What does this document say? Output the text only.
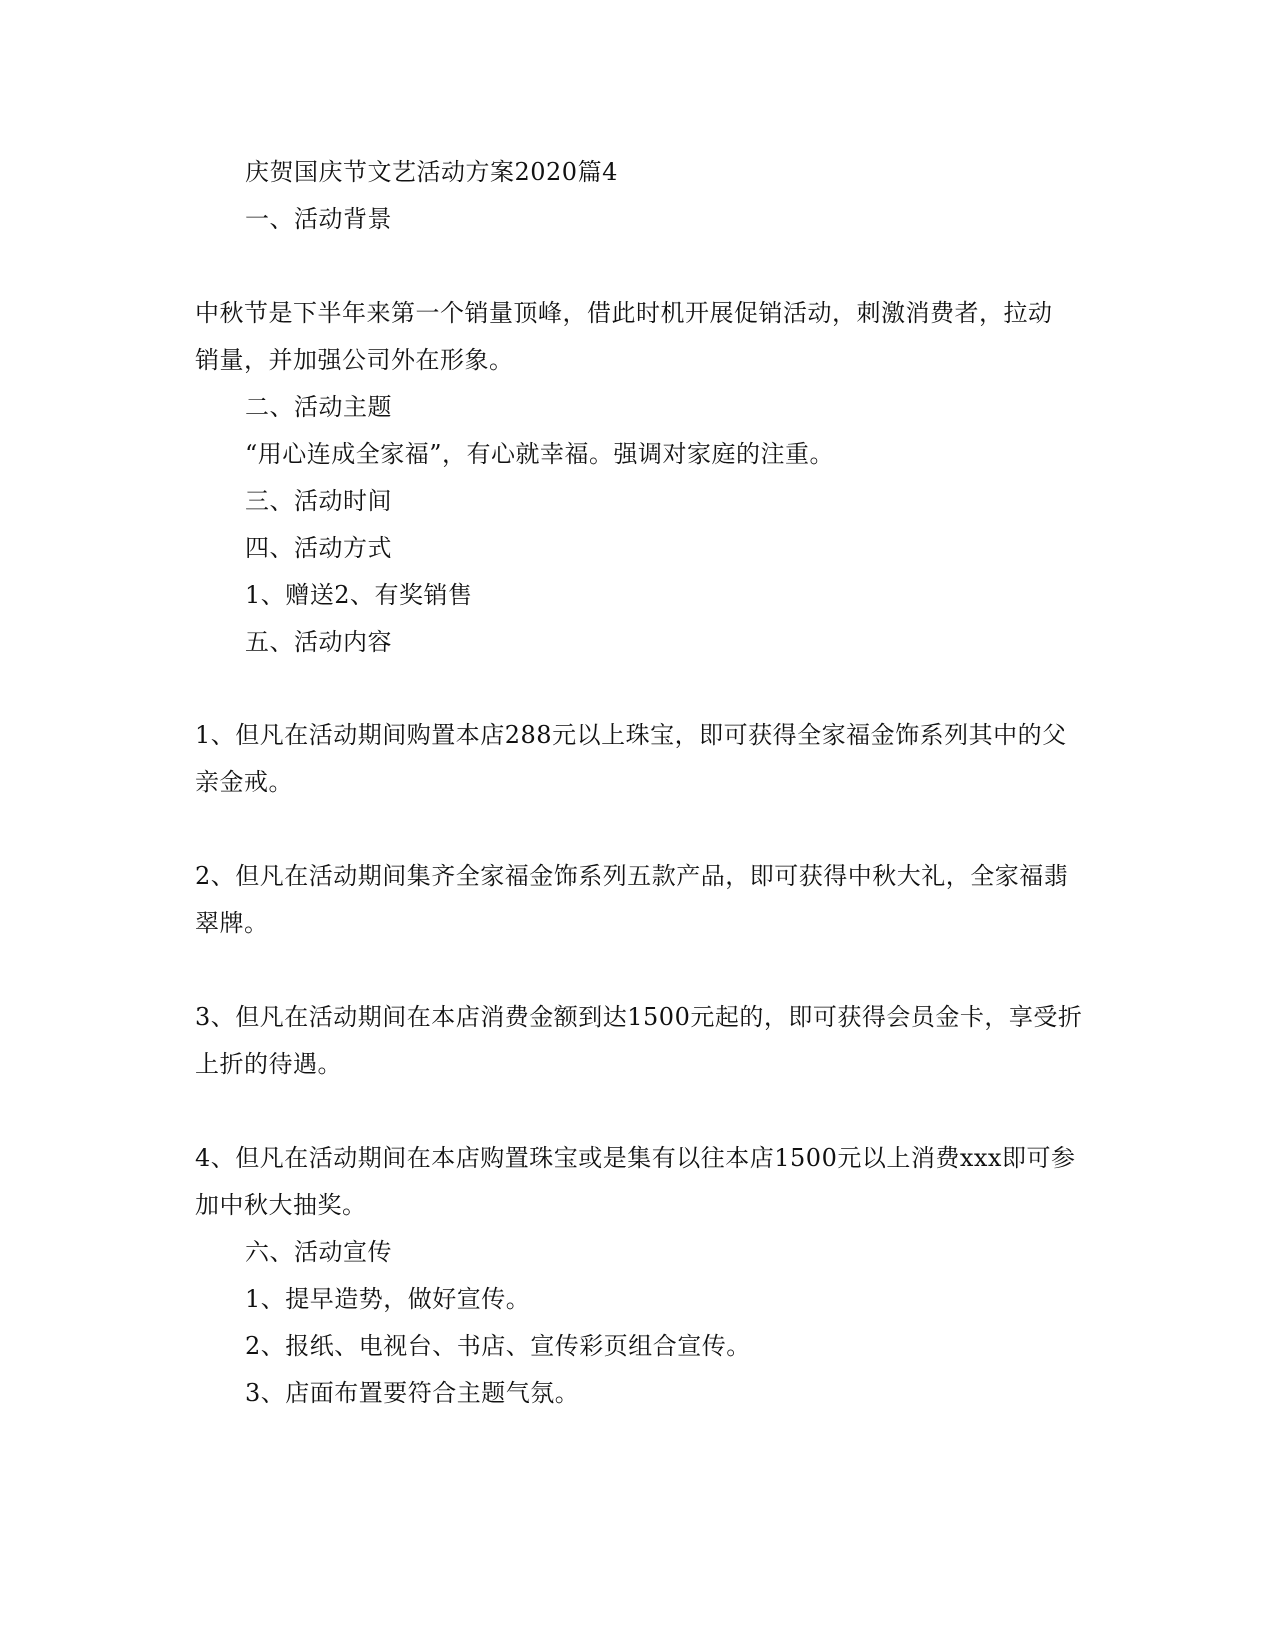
庆贺国庆节文艺活动方案2020篇4
一、活动背景
中秋节是下半年来第一个销量顶峰，借此时机开展促销活动，刺激消费者，拉动
销量，并加强公司外在形象。
二、活动主题
“用心连成全家福”，有心就幸福。强调对家庭的注重。
三、活动时间
四、活动方式
1、赠送2、有奖销售
五、活动内容
1、但凡在活动期间购置本店288元以上珠宝，即可获得全家福金饰系列其中的父
亲金戒。
2、但凡在活动期间集齐全家福金饰系列五款产品，即可获得中秋大礼，全家福翡
翠牌。
3、但凡在活动期间在本店消费金额到达1500元起的，即可获得会员金卡，享受折
上折的待遇。
4、但凡在活动期间在本店购置珠宝或是集有以往本店1500元以上消费xxx即可参
加中秋大抽奖。
六、活动宣传
1、提早造势，做好宣传。
2、报纸、电视台、书店、宣传彩页组合宣传。
3、店面布置要符合主题气氛。
